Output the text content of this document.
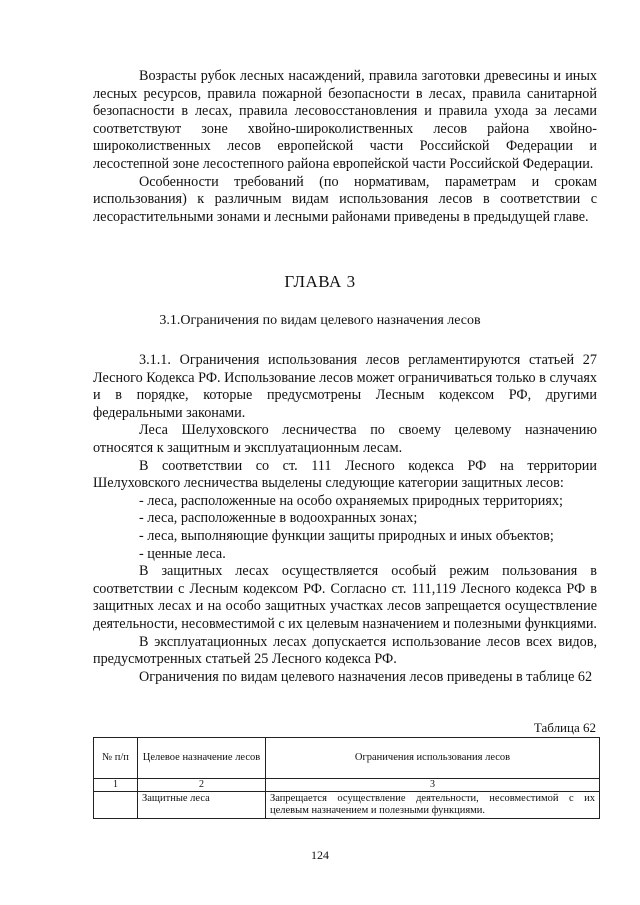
Возрасты рубок лесных насаждений, правила заготовки древесины и иных лесных ресурсов, правила пожарной безопасности в лесах, правила санитарной безопасности в лесах, правила лесовосстановления и правила ухода за лесами соответствуют зоне хвойно-широколиственных лесов района хвойно-широколиственных лесов европейской части Российской Федерации и лесостепной зоне лесостепного района европейской части Российской Федерации.

Особенности требований (по нормативам, параметрам и срокам использования) к различным видам использования лесов в соответствии с лесорастительными зонами и лесными районами приведены в предыдущей главе.

ГЛАВА 3
3.1.Ограничения по видам целевого назначения лесов

3.1.1. Ограничения использования лесов регламентируются статьей 27 Лесного Кодекса РФ. Использование лесов может ограничиваться только в случаях и в порядке, которые предусмотрены Лесным кодексом РФ, другими федеральными законами.

Леса Шелуховского лесничества по своему целевому назначению относятся к защитным и эксплуатационным лесам.

В соответствии со ст. 111 Лесного кодекса РФ на территории Шелуховского лесничества выделены следующие категории защитных лесов:

- леса, расположенные на особо охраняемых природных территориях;

- леса, расположенные в водоохранных зонах;

- леса, выполняющие функции защиты природных и иных объектов;

- ценные леса.

В защитных лесах осуществляется особый режим пользования в соответствии с Лесным кодексом РФ. Согласно ст. 111,119 Лесного кодекса РФ в защитных лесах и на особо защитных участках лесов запрещается осуществление деятельности, несовместимой с их целевым назначением и полезными функциями.

В эксплуатационных лесах допускается использование лесов всех видов, предусмотренных статьей 25 Лесного кодекса РФ.

Ограничения по видам целевого назначения лесов приведены в таблице 62

Таблица 62
№ п/п	Целевое назначение лесов	Ограничения использования лесов
1	2	3
	Защитные леса	Запрещается осуществление деятельности, несовместимой с их целевым назначением и полезными функциями.
124
